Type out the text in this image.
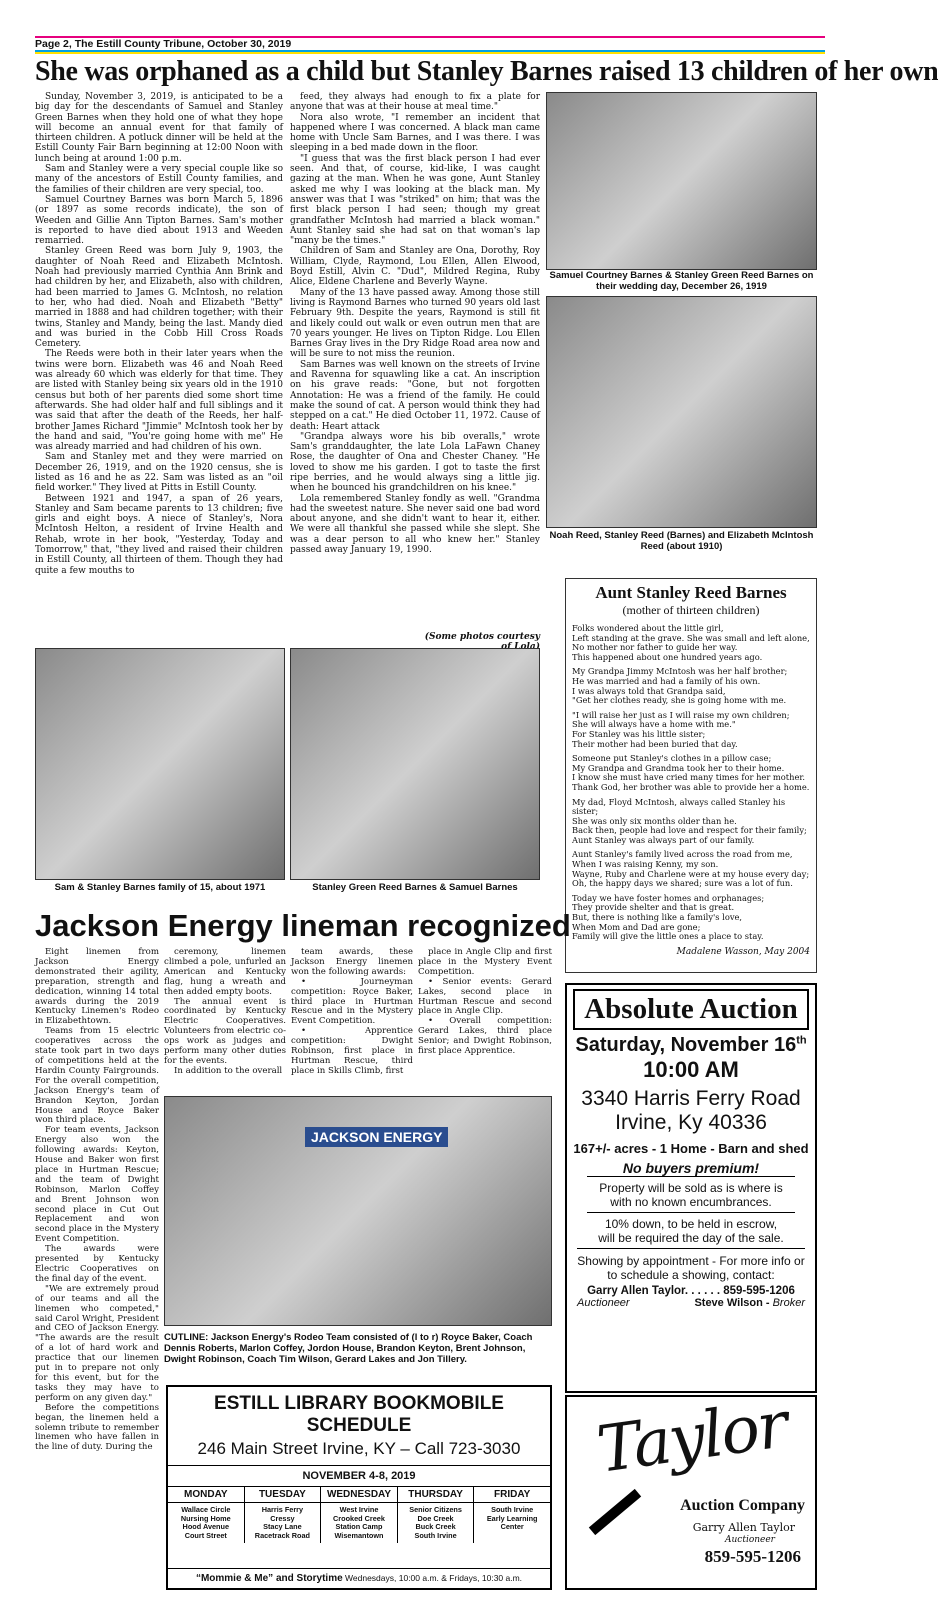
Page 2, The Estill County Tribune, October 30, 2019
She was orphaned as a child but Stanley Barnes raised 13 children of her own

Sunday, November 3, 2019, is anticipated to be a big day for the descendants of Samuel and Stanley Green Barnes when they hold one of what they hope will become an annual event for that family of thirteen children. A potluck dinner will be held at the Estill County Fair Barn beginning at 12:00 Noon with lunch being at around 1:00 p.m.

Sam and Stanley were a very special couple like so many of the ancestors of Estill County families, and the families of their children are very special, too.

Samuel Courtney Barnes was born March 5, 1896 (or 1897 as some records indicate), the son of Weeden and Gillie Ann Tipton Barnes. Sam's mother is reported to have died about 1913 and Weeden remarried.

Stanley Green Reed was born July 9, 1903, the daughter of Noah Reed and Elizabeth McIntosh. Noah had previously married Cynthia Ann Brink and had children by her, and Elizabeth, also with children, had been married to James G. McIntosh, no relation to her, who had died. Noah and Elizabeth "Betty" married in 1888 and had children together; with their twins, Stanley and Mandy, being the last. Mandy died and was buried in the Cobb Hill Cross Roads Cemetery.

The Reeds were both in their later years when the twins were born. Elizabeth was 46 and Noah Reed was already 60 which was elderly for that time. They are listed with Stanley being six years old in the 1910 census but both of her parents died some short time afterwards. She had older half and full siblings and it was said that after the death of the Reeds, her half-brother James Richard "Jimmie" McIntosh took her by the hand and said, "You're going home with me" He was already married and had children of his own.

Sam and Stanley met and they were married on December 26, 1919, and on the 1920 census, she is listed as 16 and he as 22. Sam was listed as an "oil field worker." They lived at Pitts in Estill County.

Between 1921 and 1947, a span of 26 years, Stanley and Sam became parents to 13 children; five girls and eight boys. A niece of Stanley's, Nora McIntosh Helton, a resident of Irvine Health and Rehab, wrote in her book, "Yesterday, Today and Tomorrow," that, "they lived and raised their children in Estill County, all thirteen of them. Though they had quite a few mouths to

feed, they always had enough to fix a plate for anyone that was at their house at meal time."

Nora also wrote, "I remember an incident that happened where I was concerned. A black man came home with Uncle Sam Barnes, and I was there. I was sleeping in a bed made down in the floor.

"I guess that was the first black person I had ever seen. And that, of course, kid-like, I was caught gazing at the man. When he was gone, Aunt Stanley asked me why I was looking at the black man. My answer was that I was "striked" on him; that was the first black person I had seen; though my great grandfather McIntosh had married a black woman." Aunt Stanley said she had sat on that woman's lap "many be the times."

Children of Sam and Stanley are Ona, Dorothy, Roy William, Clyde, Raymond, Lou Ellen, Allen Elwood, Boyd Estill, Alvin C. "Dud", Mildred Regina, Ruby Alice, Eldene Charlene and Beverly Wayne.

Many of the 13 have passed away. Among those still living is Raymond Barnes who turned 90 years old last February 9th. Despite the years, Raymond is still fit and likely could out walk or even outrun men that are 70 years younger. He lives on Tipton Ridge. Lou Ellen Barnes Gray lives in the Dry Ridge Road area now and will be sure to not miss the reunion.

Sam Barnes was well known on the streets of Irvine and Ravenna for squawling like a cat. An inscription on his grave reads: "Gone, but not forgotten Annotation: He was a friend of the family. He could make the sound of cat. A person would think they had stepped on a cat." He died October 11, 1972. Cause of death: Heart attack

"Grandpa always wore his bib overalls," wrote Sam's granddaughter, the late Lola LaFawn Chaney Rose, the daughter of Ona and Chester Chaney. "He loved to show me his garden. I got to taste the first ripe berries, and he would always sing a little jig. when he bounced his grandchildren on his knee."

Lola remembered Stanley fondly as well. "Grandma had the sweetest nature. She never said one bad word about anyone, and she didn't want to hear it, either. We were all thankful she passed while she slept. She was a dear person to all who knew her." Stanley passed away January 19, 1990.

(Some photos courtesy
Samuel Courtney Barnes & Stanley Green Reed Barnes on their wedding day, December 26, 1919
Noah Reed, Stanley Reed (Barnes) and Elizabeth McIntosh Reed (about 1910)
Aunt Stanley Reed Barnes
(mother of thirteen children)
Folks wondered about the little girl,
Left standing at the grave. She was small and left alone,
No mother nor father to guide her way.
This happened about one hundred years ago.
My Grandpa Jimmy McIntosh was her half brother;
He was married and had a family of his own.
I was always told that Grandpa said,
"Get her clothes ready, she is going home with me.
"I will raise her just as I will raise my own children;
She will always have a home with me."
For Stanley was his little sister;
Their mother had been buried that day.
Someone put Stanley's clothes in a pillow case;
My Grandpa and Grandma took her to their home.
I know she must have cried many times for her mother.
Thank God, her brother was able to provide her a home.
My dad, Floyd McIntosh, always called Stanley his sister;
She was only six months older than he.
Back then, people had love and respect for their family;
Aunt Stanley was always part of our family.
Aunt Stanley's family lived across the road from me,
When I was raising Kenny, my son.
Wayne, Ruby and Charlene were at my house every day;
Oh, the happy days we shared; sure was a lot of fun.
Today we have foster homes and orphanages;
They provide shelter and that is great.
But, there is nothing like a family's love,
When Mom and Dad are gone;
Family will give the little ones a place to stay.
Madalene Wasson, May 2004
Sam & Stanley Barnes family of 15, about 1971	Stanley Green Reed Barnes & Samuel Barnes
Jackson Energy lineman recognized

Eight linemen from Jackson Energy demonstrated their agility, preparation, strength and dedication, winning 14 total awards during the 2019 Kentucky Linemen's Rodeo in Elizabethtown.

Teams from 15 electric cooperatives across the state took part in two days of competitions held at the Hardin County Fairgrounds. For the overall competition, Jackson Energy's team of Brandon Keyton, Jordan House and Royce Baker won third place.

For team events, Jackson Energy also won the following awards: Keyton, House and Baker won first place in Hurtman Rescue; and the team of Dwight Robinson, Marlon Coffey and Brent Johnson won second place in Cut Out Replacement and won second place in the Mystery Event Competition.

The awards were presented by Kentucky Electric Cooperatives on the final day of the event.

"We are extremely proud of our teams and all the linemen who competed," said Carol Wright, President and CEO of Jackson Energy. "The awards are the result of a lot of hard work and practice that our linemen put in to prepare not only for this event, but for the tasks they may have to perform on any given day."

Before the competitions began, the linemen held a solemn tribute to remember linemen who have fallen in the line of duty. During the

ceremony, linemen climbed a pole, unfurled an American and Kentucky flag, hung a wreath and then added empty boots.

The annual event is coordinated by Kentucky Electric Cooperatives. Volunteers from electric co-ops work as judges and perform many other duties for the events.

In addition to the overall

team awards, these Jackson Energy linemen won the following awards:

• Journeyman competition: Royce Baker, third place in Hurtman Rescue and in the Mystery Event Competition.

• Apprentice competition: Dwight Robinson, first place in Hurtman Rescue, third place in Skills Climb, first

place in Angle Clip and first place in the Mystery Event Competition.

• Senior events: Gerard Lakes, second place in Hurtman Rescue and second place in Angle Clip.

• Overall competition: Gerard Lakes, third place Senior; and Dwight Robinson, first place Apprentice.

JACKSON ENERGY
CUTLINE: Jackson Energy's Rodeo Team consisted of (l to r) Royce Baker, Coach Dennis Roberts, Marlon Coffey, Jordon House, Brandon Keyton, Brent Johnson, Dwight Robinson, Coach Tim Wilson, Gerard Lakes and Jon Tillery.
ESTILL LIBRARY BOOKMOBILE SCHEDULE
246 Main Street Irvine, KY – Call 723-3030
NOVEMBER 4-8, 2019
MONDAY
Wallace Circle
Nursing Home
Hood Avenue
Court Street
TUESDAY
Harris Ferry
Cressy
Stacy Lane
Racetrack Road
WEDNESDAY
West Irvine
Crooked Creek
Station Camp
Wisemantown
THURSDAY
Senior Citizens
Doe Creek
Buck Creek
South Irvine
FRIDAY
South Irvine
Early Learning
Center
“Mommie & Me” and Storytime Wednesdays, 10:00 a.m. & Fridays, 10:30 a.m.
Absolute Auction
Saturday, November 16th
10:00 AM
3340 Harris Ferry Road
Irvine, Ky 40336
167+/- acres - 1 Home - Barn and shed
No buyers premium!
Property will be sold as is where is
with no known encumbrances.
10% down, to be held in escrow,
will be required the day of the sale.
Showing by appointment - For more info or to schedule a showing, contact:
Garry Allen Taylor. . . . . . 859-595-1206
Auctioneer	Steve Wilson - Broker
Taylor
Auction Company
Garry Allen Taylor
Auctioneer
859-595-1206
